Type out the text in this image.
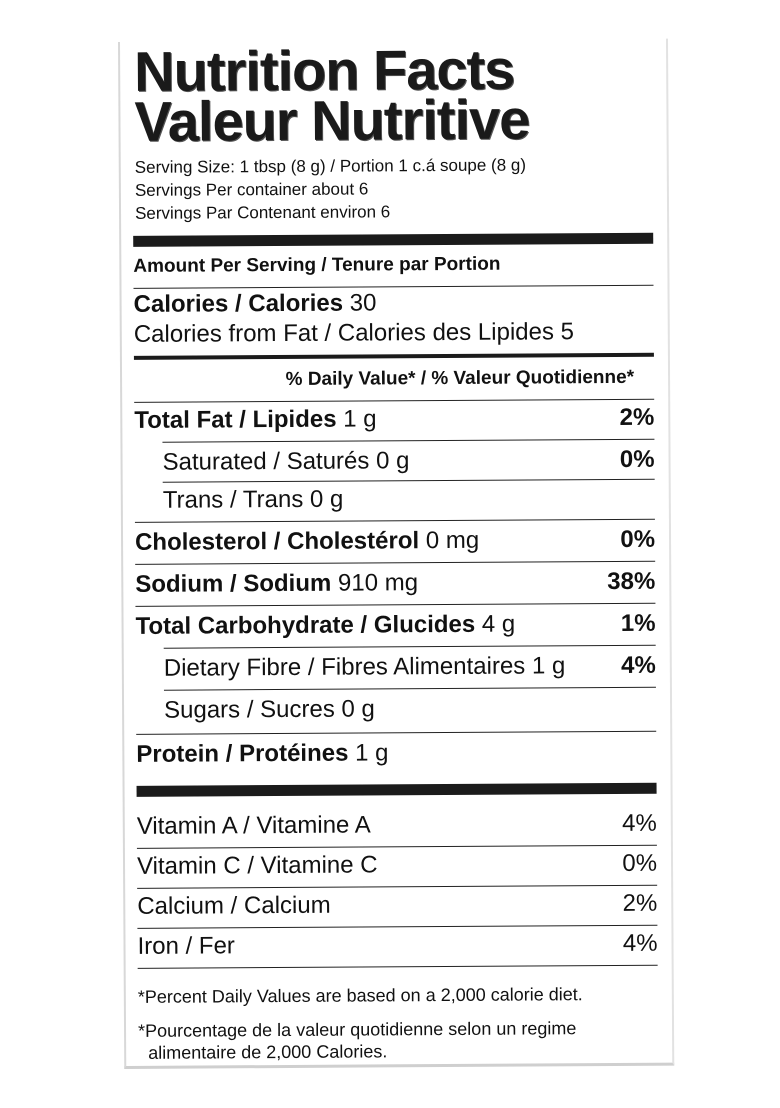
Nutrition Facts
Valeur Nutritive
Serving Size: 1 tbsp (8 g) / Portion 1 c.á soupe (8 g)
Servings Per container about 6
Servings Par Contenant environ 6
Amount Per Serving / Tenure par Portion
Calories / Calories 30
Calories from Fat / Calories des Lipides 5
% Daily Value* / % Valeur Quotidienne*
Total Fat / Lipides 1 g	2%
Saturated / Saturés 0 g	0%
Trans / Trans 0 g
Cholesterol / Cholestérol 0 mg	0%
Sodium / Sodium 910 mg	38%
Total Carbohydrate / Glucides 4 g	1%
Dietary Fibre / Fibres Alimentaires 1 g 4%
Sugars / Sucres 0 g
Protein / Protéines 1 g
Vitamin A / Vitamine A	4%
Vitamin C / Vitamine C	0%
Calcium / Calcium	2%
Iron / Fer	4%
*Percent Daily Values are based on a 2,000 calorie diet.
*Pourcentage de la valeur quotidienne selon un regime
alimentaire de 2,000 Calories.
